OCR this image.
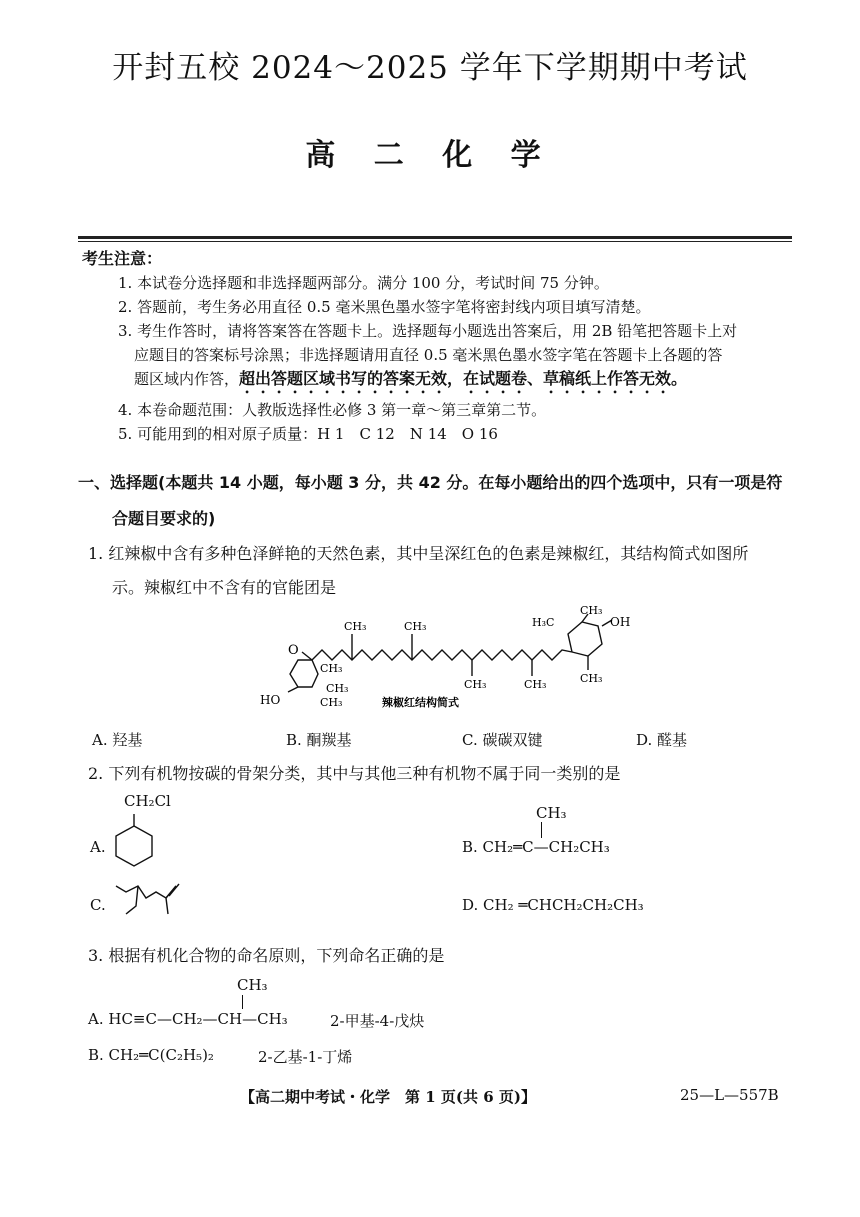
开封五校 2024～2025 学年下学期期中考试
高 二 化 学
考生注意：
1. 本试卷分选择题和非选择题两部分。满分 100 分，考试时间 75 分钟。
2. 答题前，考生务必用直径 0.5 毫米黑色墨水签字笔将密封线内项目填写清楚。
3. 考生作答时，请将答案答在答题卡上。选择题每小题选出答案后，用 2B 铅笔把答题卡上对
应题目的答案标号涂黑；非选择题请用直径 0.5 毫米黑色墨水签字笔在答题卡上各题的答
题区域内作答，超出答题区域书写的答案无效，在试题卷、草稿纸上作答无效。
4. 本卷命题范围：人教版选择性必修 3 第一章～第三章第二节。
5. 可能用到的相对原子质量：H 1　C 12　N 14　O 16
一、选择题(本题共 14 小题，每小题 3 分，共 42 分。在每小题给出的四个选项中，只有一项是符
合题目要求的)
1. 红辣椒中含有多种色泽鲜艳的天然色素，其中呈深红色的色素是辣椒红，其结构简式如图所
示。辣椒红中不含有的官能团是
O
HO
CH₃
CH₃
CH₃
CH₃	CH₃
CH₃	CH₃	CH₃
CH₃
H₃C	OH
辣椒红结构简式
A. 羟基	B. 酮羰基	C. 碳碳双键	D. 醛基
2. 下列有机物按碳的骨架分类，其中与其他三种有机物不属于同一类别的是
CH₂Cl
A.
CH₃
B. CH₂═C—CH₂CH₃
C.	D. CH₂ ═CHCH₂CH₂CH₃
3. 根据有机化合物的命名原则，下列命名正确的是
CH₃
A. HC≡C—CH₂—CH—CH₃	2-甲基-4-戊炔
B. CH₂═C(C₂H₅)₂	2-乙基-1-丁烯
【高二期中考试・化学　第 1 页(共 6 页)】	25—L—557B
